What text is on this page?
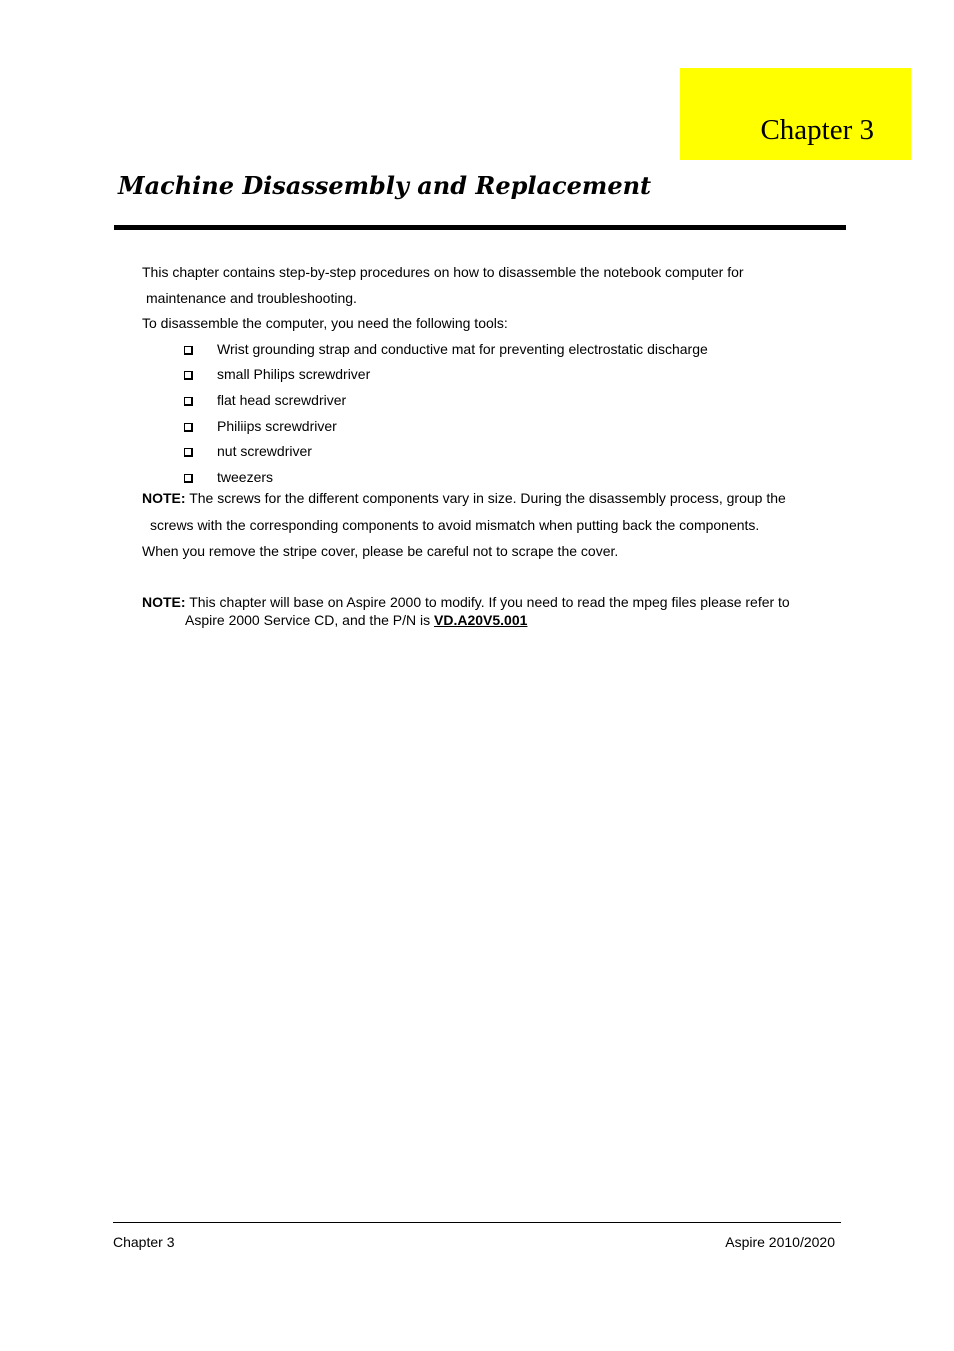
Chapter 3
Machine Disassembly and Replacement

This chapter contains step-by-step procedures on how to disassemble the notebook computer for

maintenance and troubleshooting.

To disassemble the computer, you need the following tools:

Wrist grounding strap and conductive mat for preventing electrostatic discharge
small Philips screwdriver
flat head screwdriver
Philiips screwdriver
nut screwdriver
tweezers

NOTE: The screws for the different components vary in size. During the disassembly process, group the

screws with the corresponding components to avoid mismatch when putting back the components.

When you remove the stripe cover, please be careful not to scrape the cover.

NOTE: This chapter will base on Aspire 2000 to modify. If you need to read the mpeg files please refer to

Aspire 2000 Service CD, and the P/N is VD.A20V5.001

Chapter 3	Aspire 2010/2020
